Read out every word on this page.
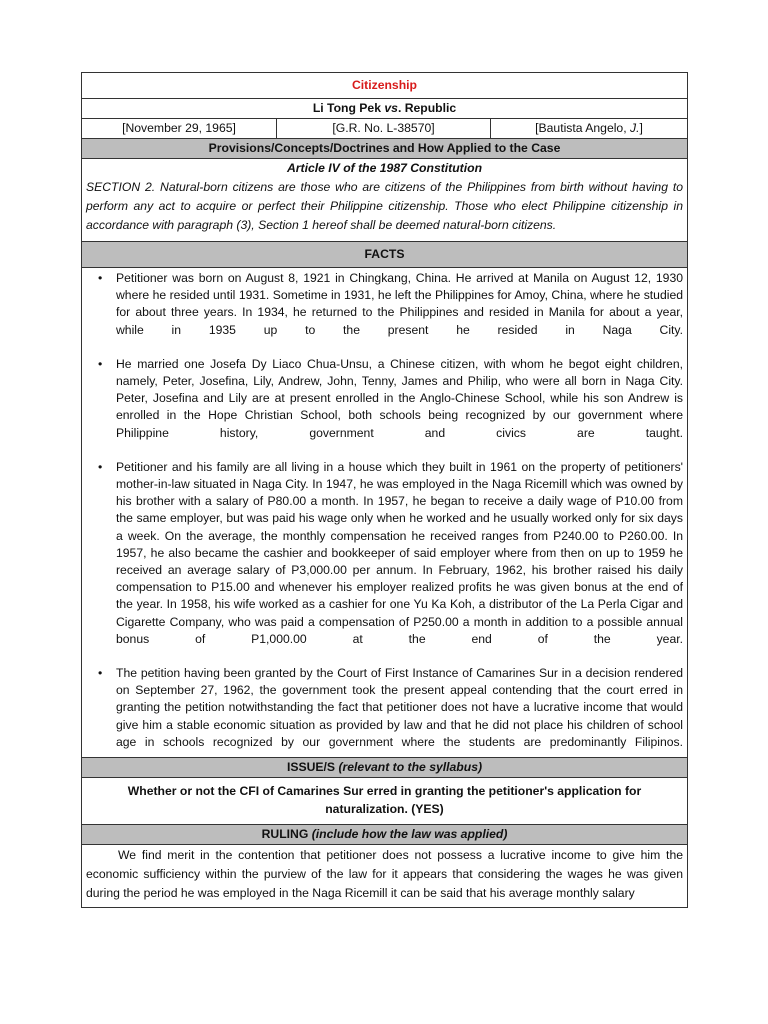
Citizenship
Li Tong Pek vs. Republic
[November 29, 1965]	[G.R. No. L-38570]	[Bautista Angelo, J.]
Provisions/Concepts/Doctrines and How Applied to the Case

Article IV of the 1987 Constitution

SECTION 2. Natural-born citizens are those who are citizens of the Philippines from birth without having to perform any act to acquire or perfect their Philippine citizenship. Those who elect Philippine citizenship in accordance with paragraph (3), Section 1 hereof shall be deemed natural-born citizens.
FACTS

• Petitioner was born on August 8, 1921 in Chingkang, China. He arrived at Manila on August 12, 1930 where he resided until 1931. Sometime in 1931, he left the Philippines for Amoy, China, where he studied for about three years. In 1934, he returned to the Philippines and resided in Manila for about a year, while in 1935 up to the present he resided in Naga City.
• He married one Josefa Dy Liaco Chua-Unsu, a Chinese citizen, with whom he begot eight children, namely, Peter, Josefina, Lily, Andrew, John, Tenny, James and Philip, who were all born in Naga City. Peter, Josefina and Lily are at present enrolled in the Anglo-Chinese School, while his son Andrew is enrolled in the Hope Christian School, both schools being recognized by our government where Philippine history, government and civics are taught.
• Petitioner and his family are all living in a house which they built in 1961 on the property of petitioners' mother-in-law situated in Naga City. In 1947, he was employed in the Naga Ricemill which was owned by his brother with a salary of P80.00 a month. In 1957, he began to receive a daily wage of P10.00 from the same employer, but was paid his wage only when he worked and he usually worked only for six days a week. On the average, the monthly compensation he received ranges from P240.00 to P260.00. In 1957, he also became the cashier and bookkeeper of said employer where from then on up to 1959 he received an average salary of P3,000.00 per annum. In February, 1962, his brother raised his daily compensation to P15.00 and whenever his employer realized profits he was given bonus at the end of the year. In 1958, his wife worked as a cashier for one Yu Ka Koh, a distributor of the La Perla Cigar and Cigarette Company, who was paid a compensation of P250.00 a month in addition to a possible annual bonus of P1,000.00 at the end of the year.
• The petition having been granted by the Court of First Instance of Camarines Sur in a decision rendered on September 27, 1962, the government took the present appeal contending that the court erred in granting the petition notwithstanding the fact that petitioner does not have a lucrative income that would give him a stable economic situation as provided by law and that he did not place his children of school age in schools recognized by our government where the students are predominantly Filipinos.

ISSUE/S (relevant to the syllabus)
Whether or not the CFI of Camarines Sur erred in granting the petitioner's application for naturalization. (YES)
RULING (include how the law was applied)
We find merit in the contention that petitioner does not possess a lucrative income to give him the economic sufficiency within the purview of the law for it appears that considering the wages he was given during the period he was employed in the Naga Ricemill it can be said that his average monthly salary
